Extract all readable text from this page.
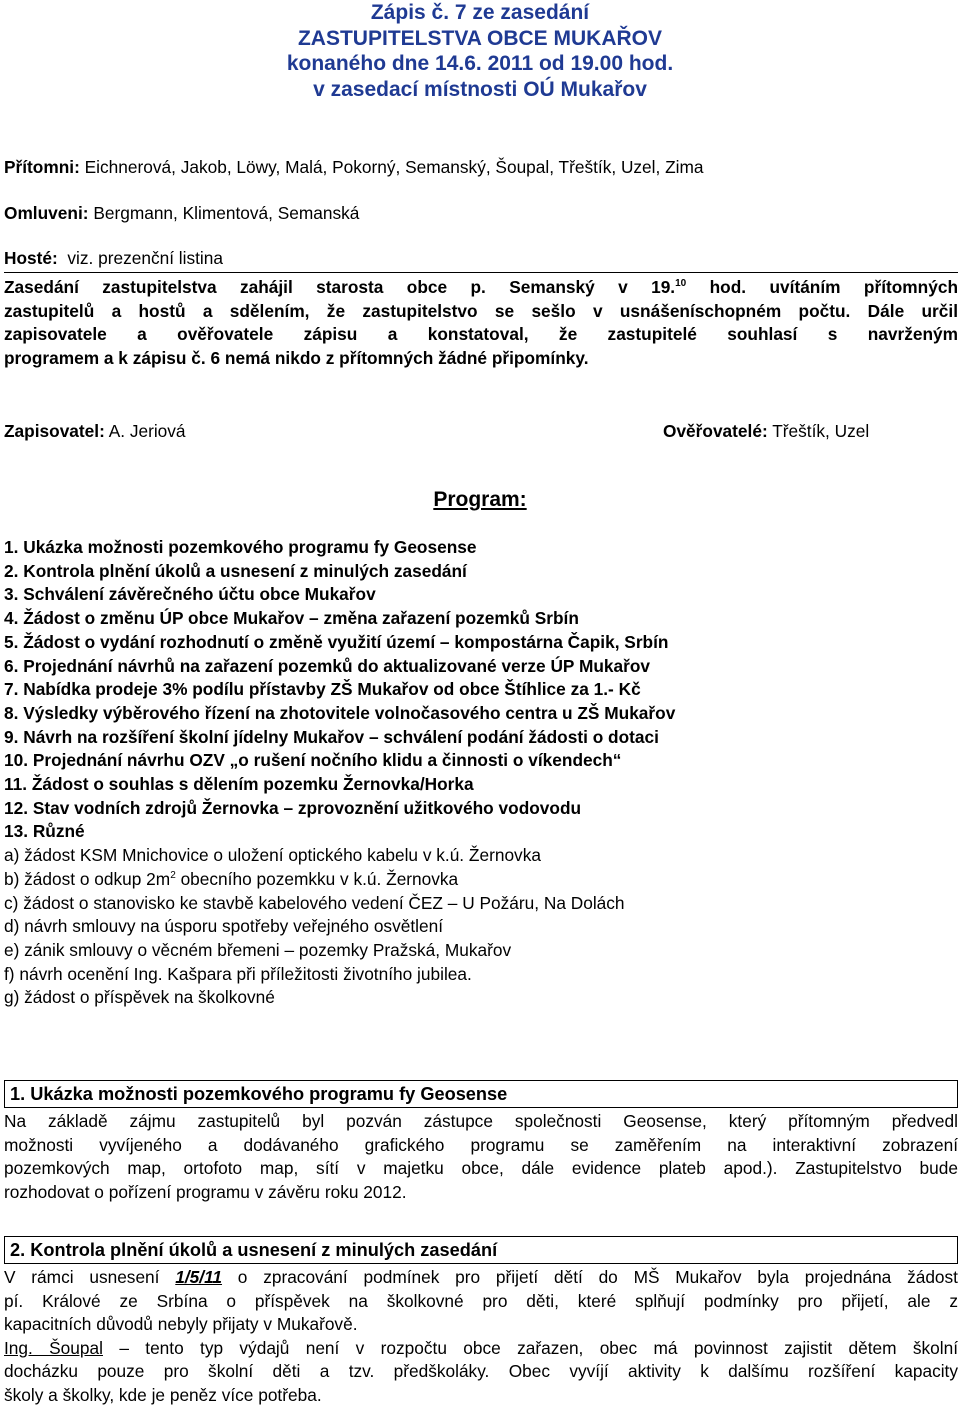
Zápis č. 7 ze zasedání
ZASTUPITELSTVA OBCE MUKAŘOV
konaného dne 14.6. 2011 od 19.00 hod.
v zasedací místnosti OÚ Mukařov
Přítomni: Eichnerová, Jakob, Löwy, Malá, Pokorný, Semanský, Šoupal, Třeštík, Uzel, Zima
Omluveni: Bergmann, Klimentová, Semanská
Hosté: viz. prezenční listina
Zasedání zastupitelstva zahájil starosta obce p. Semanský v 19.10 hod. uvítáním přítomných
zastupitelů a hostů a sdělením, že zastupitelstvo se sešlo v usnášeníschopném počtu. Dále určil
zapisovatele a ověřovatele zápisu a konstatoval, že zastupitelé souhlasí s navrženým
programem a k zápisu č. 6 nemá nikdo z přítomných žádné připomínky.
Zapisovatel: A. Jeriová	Ověřovatelé: Třeštík, Uzel
Program:
1. Ukázka možnosti pozemkového programu fy Geosense
2. Kontrola plnění úkolů a usnesení z minulých zasedání
3. Schválení závěrečného účtu obce Mukařov
4. Žádost o změnu ÚP obce Mukařov – změna zařazení pozemků Srbín
5. Žádost o vydání rozhodnutí o změně využití území – kompostárna Čapik, Srbín
6. Projednání návrhů na zařazení pozemků do aktualizované verze ÚP Mukařov
7. Nabídka prodeje 3% podílu přístavby ZŠ Mukařov od obce Štíhlice za 1.- Kč
8. Výsledky výběrového řízení na zhotovitele volnočasového centra u ZŠ Mukařov
9. Návrh na rozšíření školní jídelny Mukařov – schválení podání žádosti o dotaci
10. Projednání návrhu OZV „o rušení nočního klidu a činnosti o víkendech“
11. Žádost o souhlas s dělením pozemku Žernovka/Horka
12. Stav vodních zdrojů Žernovka – zprovoznění užitkového vodovodu
13. Různé
a) žádost KSM Mnichovice o uložení optického kabelu v k.ú. Žernovka
b) žádost o odkup $2m^2$ obecního pozemkku v k.ú. Žernovka
c) žádost o stanovisko ke stavbě kabelového vedení ČEZ – U Požáru, Na Dolách
d) návrh smlouvy na úsporu spotřeby veřejného osvětlení
e) zánik smlouvy o věcném břemeni – pozemky Pražská, Mukařov
f) návrh ocenění Ing. Kašpara při příležitosti životního jubilea.
g) žádost o příspěvek na školkovné
1. Ukázka možnosti pozemkového programu fy Geosense
Na základě zájmu zastupitelů byl pozván zástupce společnosti Geosense, který přítomným předvedl
možnosti vyvíjeného a dodávaného grafického programu se zaměřením na interaktivní zobrazení
pozemkových map, ortofoto map, sítí v majetku obce, dále evidence plateb apod.). Zastupitelstvo bude
rozhodovat o pořízení programu v závěru roku 2012.
2. Kontrola plnění úkolů a usnesení z minulých zasedání
V rámci usnesení 1/5/11 o zpracování podmínek pro přijetí dětí do MŠ Mukařov byla projednána žádost
pí. Králové ze Srbína o příspěvek na školkovné pro děti, které splňují podmínky pro přijetí, ale z
kapacitních důvodů nebyly přijaty v Mukařově.
Ing. Šoupal – tento typ výdajů není v rozpočtu obce zařazen, obec má povinnost zajistit dětem školní
docházku pouze pro školní děti a tzv. předškoláky. Obec vyvíjí aktivity k dalšímu rozšíření kapacity
školy a školky, kde je peněz více potřeba.
